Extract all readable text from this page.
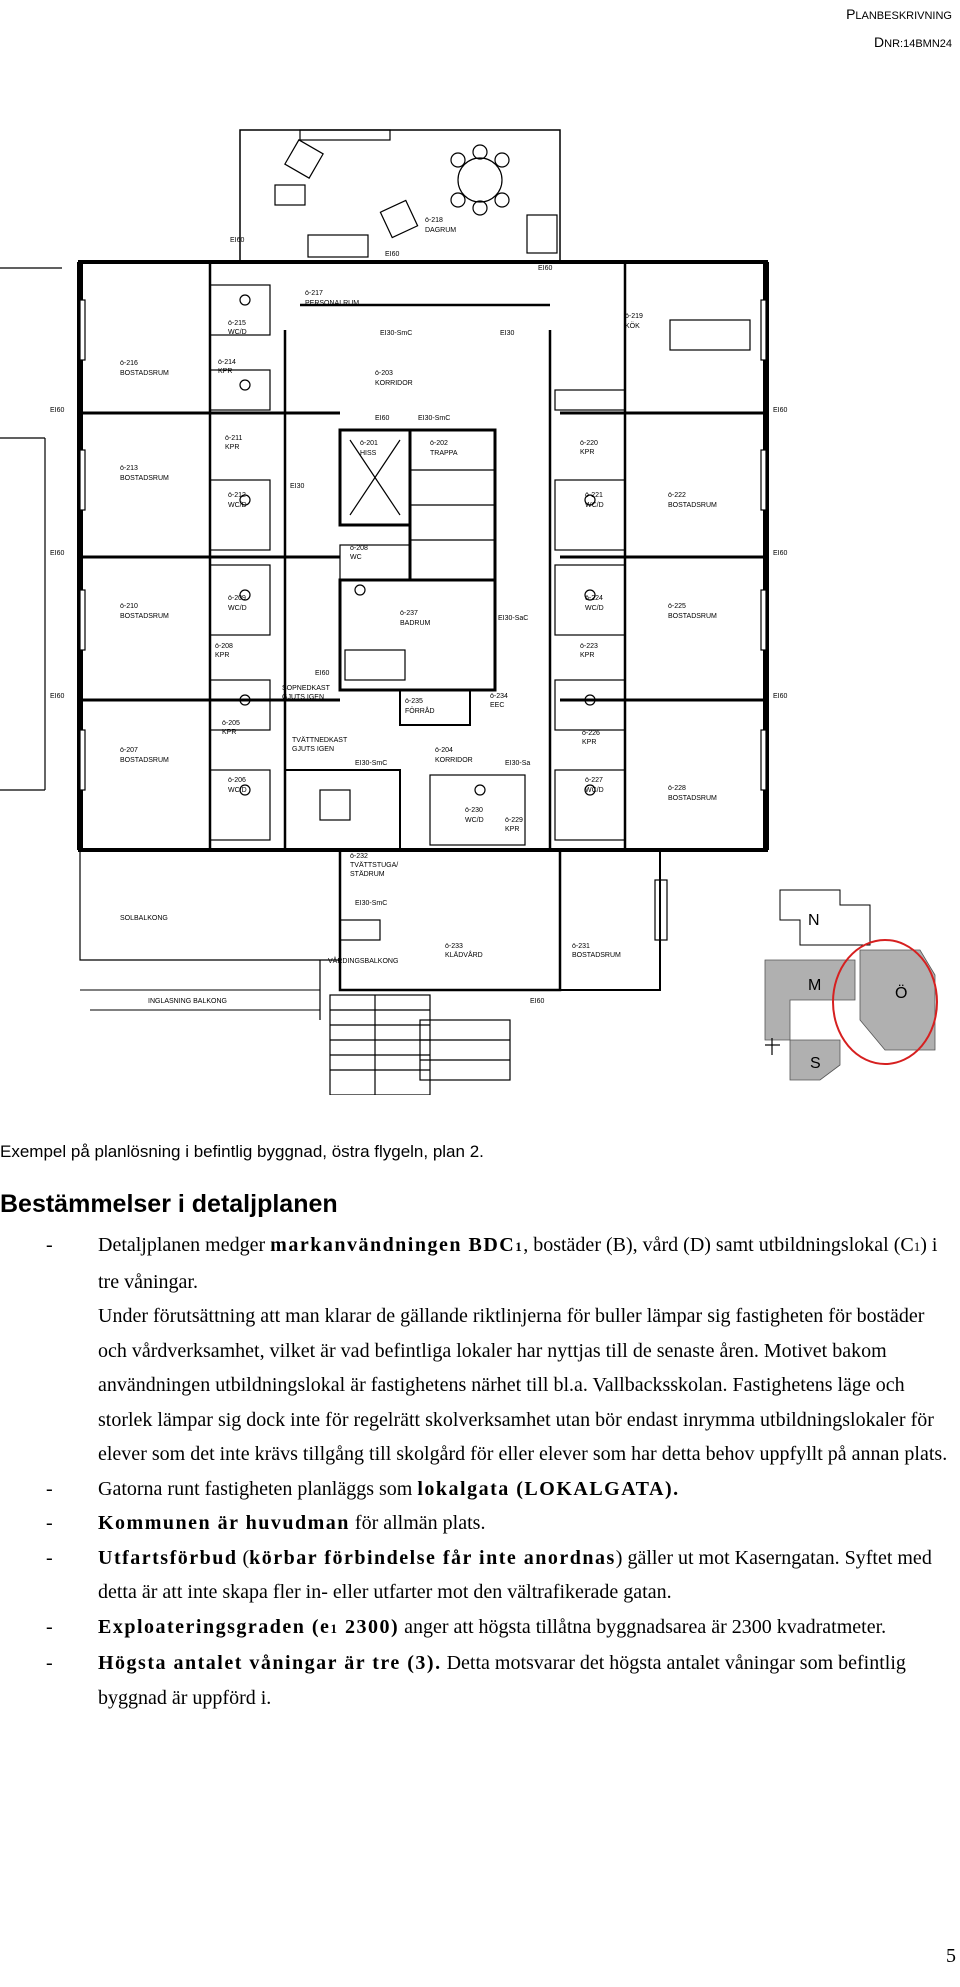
PLANBESKRIVNING
DNR:14BMN24
ö-218
DAGRUM
ö-217
PERSONALRUM
ö-219
KÖK
ö-215
WC/D
ö-214
KPR	ö-203
KORRIDOR
ö-216
BOSTADSRUM
ö-201
HISS
ö-202
TRAPPA
ö-211
KPR
ö-220
KPR
ö-213
BOSTADSRUM
ö-212
WC/D
ö-221
WC/D
ö-222
BOSTADSRUM
ö-208
WC
ö-237
BADRUM
ö-210
BOSTADSRUM
ö-209
WC/D
ö-224
WC/D	ö-225
BOSTADSRUM
ö-208
KPR
ö-223
KPR
SOPNEDKAST
GJUTS IGEN
ö-235
FÖRRÅD
ö-234
EEC
ö-205
KPR	ö-226
KPR
ö-207
BOSTADSRUM
TVÄTTNEDKAST
GJUTS IGEN	ö-204
KORRIDOR
ö-206
WC/D
ö-230
WC/D	ö-229
KPR
ö-227
WC/D	ö-228
BOSTADSRUM
ö-232
TVÄTTSTUGA/
STÄDRUM
SOLBALKONG
VÅRDINGSBALKONG
ö-233
KLÄDVÅRD
ö-231
BOSTADSRUM
INGLASNING BALKONG
EI60
EI60
EI60
EI30-SmC	EI30
EI60	EI30-SmC
EI30
EI30-SaC
EI60
EI30-SmC	EI30-Sa
EI30-SmC
EI60
EI60
EI60
EI60
EI60
EI60
EI60
N
M	Ö
S
Exempel på planlösning i befintlig byggnad, östra flygeln, plan 2.
Bestämmelser i detaljplanen
- Detaljplanen medger markanvändningen BDC1, bostäder (B), vård (D) samt utbildningslokal (C1) i tre våningar.
Under förutsättning att man klarar de gällande riktlinjerna för buller lämpar sig fastigheten för bostäder och vårdverksamhet, vilket är vad befintliga lokaler har nyttjas till de senaste åren. Motivet bakom användningen utbildningslokal är fastighetens närhet till bl.a. Vallbacksskolan. Fastighetens läge och storlek lämpar sig dock inte för regelrätt skolverksamhet utan bör endast inrymma utbildningslokaler för elever som det inte krävs tillgång till skolgård för eller elever som har detta behov uppfyllt på annan plats.
- Gatorna runt fastigheten planläggs som lokalgata (LOKALGATA).
- Kommunen är huvudman för allmän plats.
- Utfartsförbud (körbar förbindelse får inte anordnas) gäller ut mot Kaserngatan. Syftet med detta är att inte skapa fler in- eller utfarter mot den vältrafikerade gatan.
- Exploateringsgraden (e1 2300) anger att högsta tillåtna byggnadsarea är 2300 kvadratmeter.
- Högsta antalet våningar är tre (3). Detta motsvarar det högsta antalet våningar som befintlig byggnad är uppförd i.
5
